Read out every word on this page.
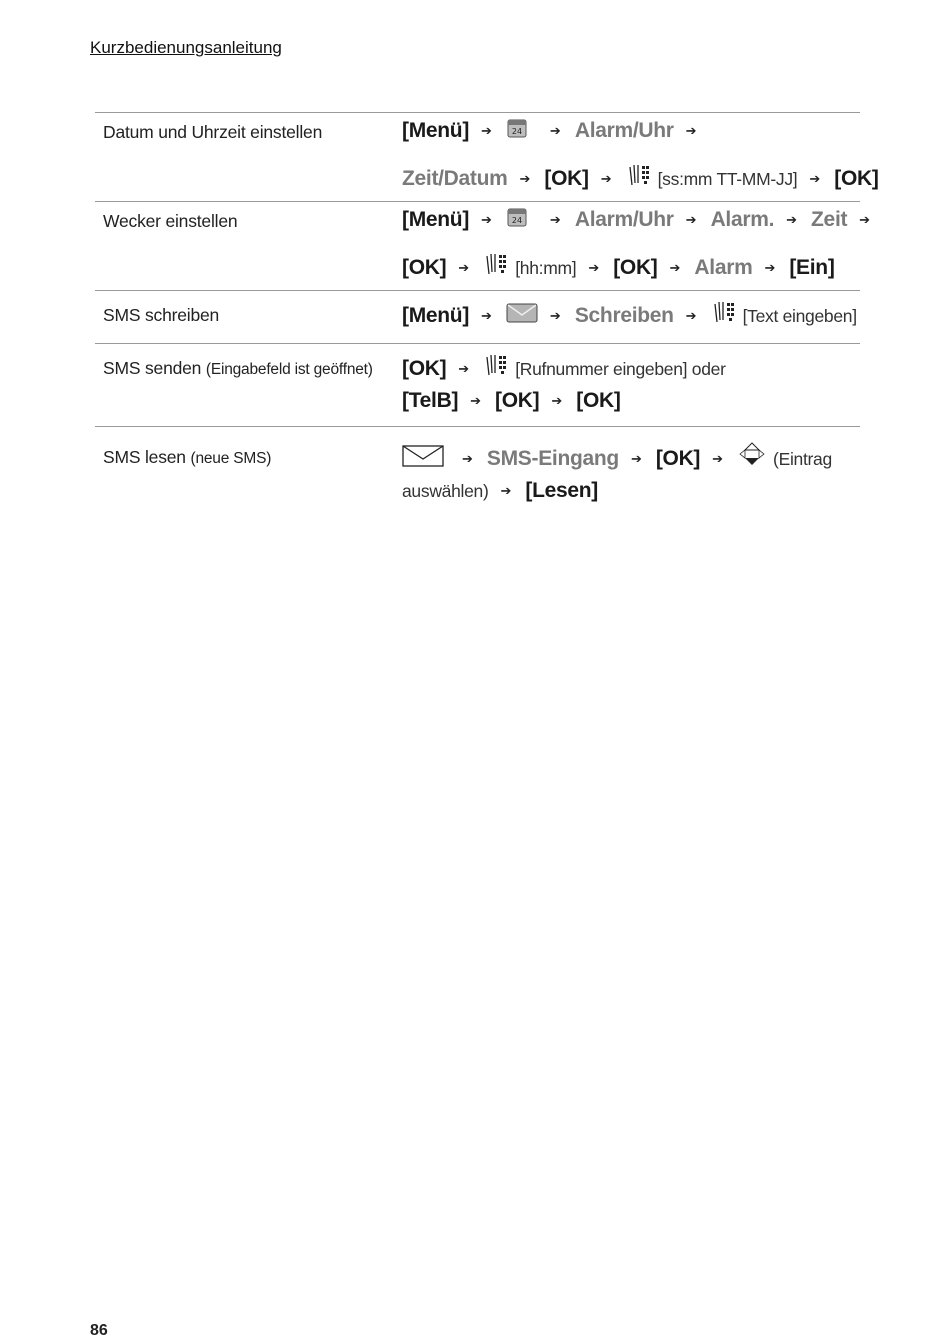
Kurzbedienungsanleitung
Datum und Uhrzeit einstellen	[Menü] ➔ 24 ➔ Alarm/Uhr ➔
Zeit/Datum ➔ [OK] ➔	[ss:mm TT-MM-JJ] ➔ [OK]
Wecker einstellen	[Menü] ➔ 24 ➔ Alarm/Uhr ➔ Alarm. ➔ Zeit ➔
[OK] ➔	[hh:mm] ➔ [OK] ➔ Alarm ➔ [Ein]
SMS schreiben	[Menü] ➔	➔ Schreiben ➔	[Text eingeben]
SMS senden (Eingabefeld ist geöffnet) [OK] ➔	[Rufnummer eingeben] oder
[TelB] ➔ [OK] ➔ [OK]
SMS lesen (neue SMS)	➔ SMS-Eingang ➔ [OK] ➔	(Eintrag
auswählen) ➔ [Lesen]
86
